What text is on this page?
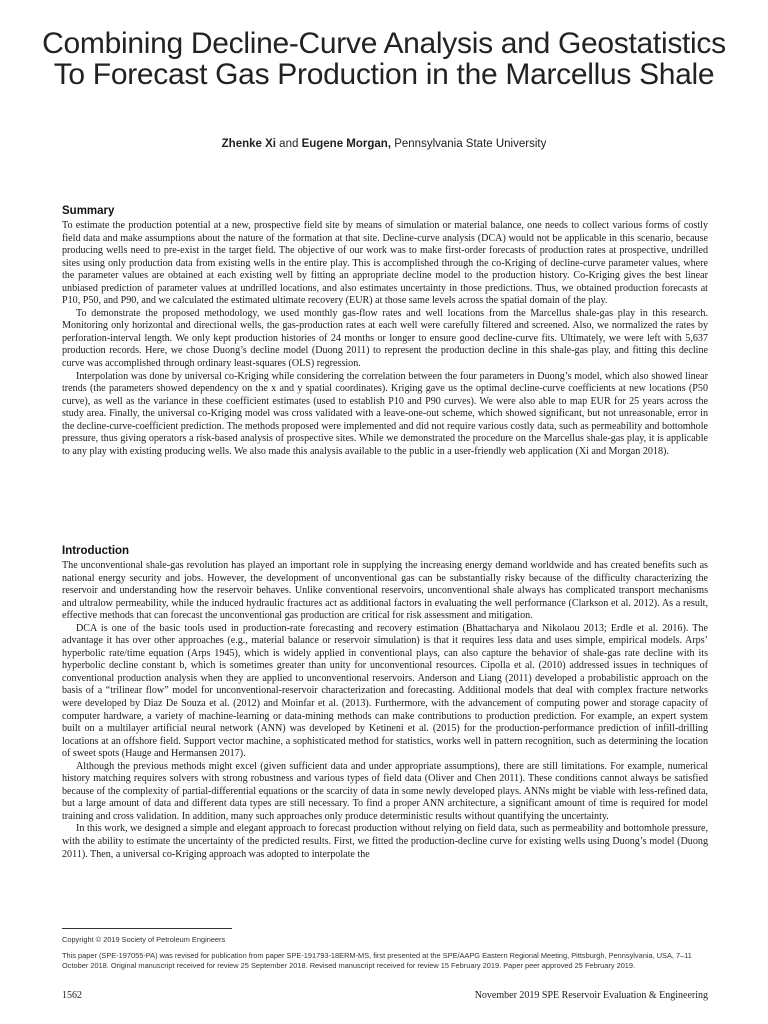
Combining Decline-Curve Analysis and Geostatistics To Forecast Gas Production in the Marcellus Shale
Zhenke Xi and Eugene Morgan, Pennsylvania State University
Summary

To estimate the production potential at a new, prospective field site by means of simulation or material balance, one needs to collect various forms of costly field data and make assumptions about the nature of the formation at that site. Decline-curve analysis (DCA) would not be applicable in this scenario, because producing wells need to pre-exist in the target field. The objective of our work was to make first-order forecasts of production rates at prospective, undrilled sites using only production data from existing wells in the entire play. This is accomplished through the co-Kriging of decline-curve parameter values, where the parameter values are obtained at each existing well by fitting an appropriate decline model to the production history. Co-Kriging gives the best linear unbiased prediction of parameter values at undrilled locations, and also estimates uncertainty in those predictions. Thus, we obtained production forecasts at P10, P50, and P90, and we calculated the estimated ultimate recovery (EUR) at those same levels across the spatial domain of the play.

To demonstrate the proposed methodology, we used monthly gas-flow rates and well locations from the Marcellus shale-gas play in this research. Monitoring only horizontal and directional wells, the gas-production rates at each well were carefully filtered and screened. Also, we normalized the rates by perforation-interval length. We only kept production histories of 24 months or longer to ensure good decline-curve fits. Ultimately, we were left with 5,637 production records. Here, we chose Duong’s decline model (Duong 2011) to represent the production decline in this shale-gas play, and fitting this decline curve was accomplished through ordinary least-squares (OLS) regression.

Interpolation was done by universal co-Kriging while considering the correlation between the four parameters in Duong’s model, which also showed linear trends (the parameters showed dependency on the x and y spatial coordinates). Kriging gave us the optimal decline-curve coefficients at new locations (P50 curve), as well as the variance in these coefficient estimates (used to establish P10 and P90 curves). We were also able to map EUR for 25 years across the study area. Finally, the universal co-Kriging model was cross validated with a leave-one-out scheme, which showed significant, but not unreasonable, error in the decline-curve-coefficient prediction. The methods proposed were implemented and did not require various costly data, such as permeability and bottomhole pressure, thus giving operators a risk-based analysis of prospective sites. While we demonstrated the procedure on the Marcellus shale-gas play, it is applicable to any play with existing producing wells. We also made this analysis available to the public in a user-friendly web application (Xi and Morgan 2018).

Introduction

The unconventional shale-gas revolution has played an important role in supplying the increasing energy demand worldwide and has created benefits such as national energy security and jobs. However, the development of unconventional gas can be substantially risky because of the difficulty characterizing the reservoir and understanding how the reservoir behaves. Unlike conventional reservoirs, unconventional shale always has complicated transport mechanisms and ultralow permeability, while the induced hydraulic fractures act as additional factors in evaluating the well performance (Clarkson et al. 2012). As a result, effective methods that can forecast the unconventional gas production are critical for risk assessment and mitigation.

DCA is one of the basic tools used in production-rate forecasting and recovery estimation (Bhattacharya and Nikolaou 2013; Erdle et al. 2016). The advantage it has over other approaches (e.g., material balance or reservoir simulation) is that it requires less data and uses simple, empirical models. Arps’ hyperbolic rate/time equation (Arps 1945), which is widely applied in conventional plays, can also capture the behavior of shale-gas rate decline with its hyperbolic decline constant b, which is sometimes greater than unity for unconventional resources. Cipolla et al. (2010) addressed issues in techniques of conventional production analysis when they are applied to unconventional reservoirs. Anderson and Liang (2011) developed a probabilistic approach on the basis of a “trilinear flow” model for unconventional-reservoir characterization and forecasting. Additional models that deal with complex fracture networks were developed by Diaz De Souza et al. (2012) and Moinfar et al. (2013). Furthermore, with the advancement of computing power and storage capacity of computer hardware, a variety of machine-learning or data-mining methods can make contributions to production prediction. For example, an expert system built on a multilayer artificial neural network (ANN) was developed by Ketineni et al. (2015) for the production-performance prediction of infill-drilling locations at an offshore field. Support vector machine, a sophisticated method for statistics, works well in pattern recognition, such as determining the location of sweet spots (Hauge and Hermansen 2017).

Although the previous methods might excel (given sufficient data and under appropriate assumptions), there are still limitations. For example, numerical history matching requires solvers with strong robustness and various types of field data (Oliver and Chen 2011). These conditions cannot always be satisfied because of the complexity of partial-differential equations or the scarcity of data in some newly developed plays. ANNs might be viable with less-refined data, but a large amount of data and different data types are still necessary. To find a proper ANN architecture, a significant amount of time is required for model training and cross validation. In addition, many such approaches only produce deterministic results without quantifying the uncertainty.

In this work, we designed a simple and elegant approach to forecast production without relying on field data, such as permeability and bottomhole pressure, with the ability to estimate the uncertainty of the predicted results. First, we fitted the production-decline curve for existing wells using Duong’s model (Duong 2011). Then, a universal co-Kriging approach was adopted to interpolate the

Copyright © 2019 Society of Petroleum Engineers

This paper (SPE-197055-PA) was revised for publication from paper SPE-191793-18ERM-MS, first presented at the SPE/AAPG Eastern Regional Meeting, Pittsburgh, Pennsylvania, USA, 7–11 October 2018. Original manuscript received for review 25 September 2018. Revised manuscript received for review 15 February 2019. Paper peer approved 25 February 2019.

1562	November 2019 SPE Reservoir Evaluation & Engineering
